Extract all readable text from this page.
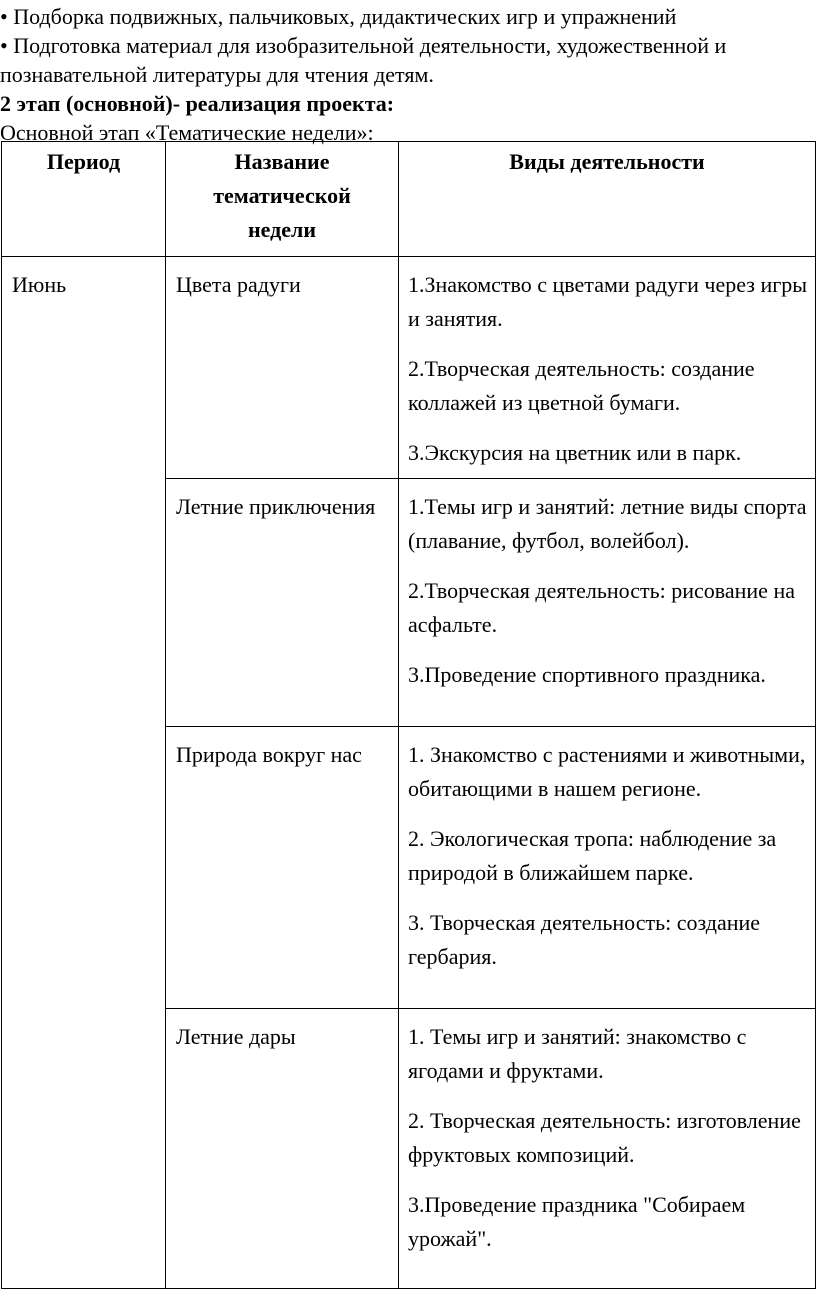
• Подборка подвижных, пальчиковых, дидактических игр и упражнений

• Подготовка материал для изобразительной деятельности, художественной и познавательной литературы для чтения детям.

2 этап (основной)- реализация проекта:

Основной этап «Тематические недели»:

Период	Название тематической недели	Виды деятельности
Июнь	Цвета радуги	1.Знакомство с цветами радуги через игры и занятия.
2.Творческая деятельность: создание коллажей из цветной бумаги.
3.Экскурсия на цветник или в парк.

	Летние приключения	1.Темы игр и занятий: летние виды спорта (плавание, футбол, волейбол).
2.Творческая деятельность: рисование на асфальте.
3.Проведение спортивного праздника.

	Природа вокруг нас	1. Знакомство с растениями и животными, обитающими в нашем регионе.
2. Экологическая тропа: наблюдение за природой в ближайшем парке.
3. Творческая деятельность: создание гербария.

	Летние дары	1. Темы игр и занятий: знакомство с ягодами и фруктами.
2. Творческая деятельность: изготовление фруктовых композиций.
3.Проведение праздника "Собираем урожай".
